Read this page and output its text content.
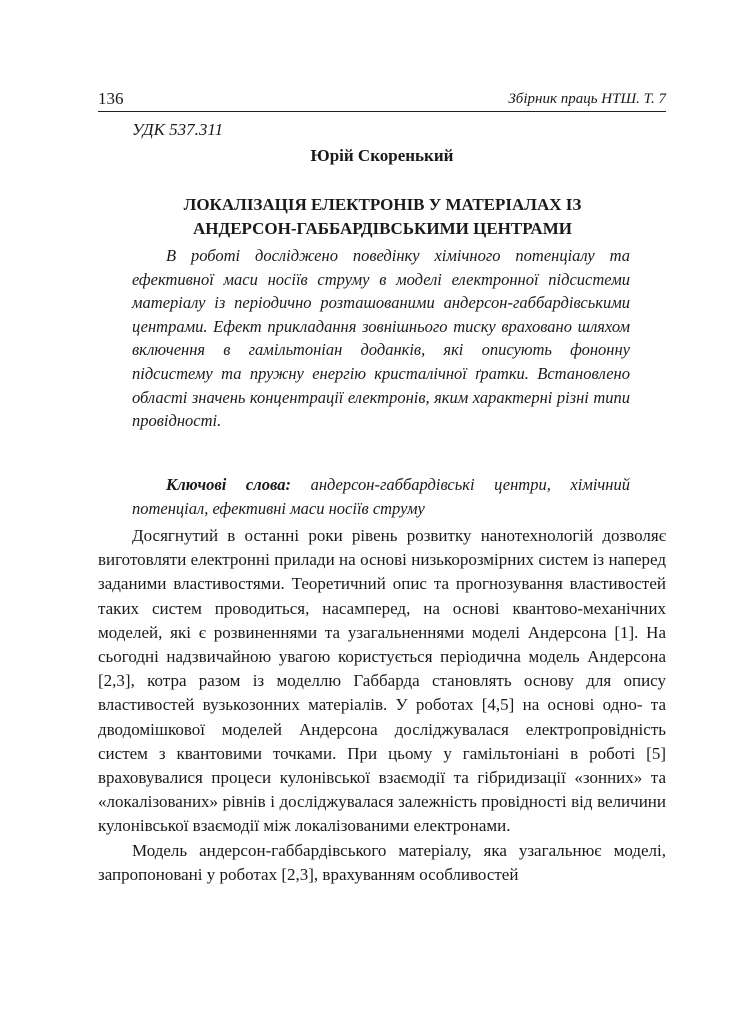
136	Збірник праць НТШ. Т. 7
УДК 537.311
Юрій Скоренький
ЛОКАЛІЗАЦІЯ ЕЛЕКТРОНІВ У МАТЕРІАЛАХ ІЗ
АНДЕРСОН-ГАББАРДІВСЬКИМИ ЦЕНТРАМИ

В роботі досліджено поведінку хімічного потенціалу та ефективної маси носіїв струму в моделі електронної підсистеми матеріалу із періодично розташованими андерсон-габбардівськими центрами. Ефект прикладання зовнішнього тиску враховано шляхом включення в гамільтоніан доданків, які описують фононну підсистему та пружну енергію кристалічної ґратки. Встановлено області значень концентрації електронів, яким характерні різні типи провідності.

Ключові слова: андерсон-габбардівські центри, хімічний потенціал, ефективні маси носіїв струму

Досягнутий в останні роки рівень розвитку нанотехнологій дозволяє виготовляти електронні прилади на основі низькорозмірних систем із наперед заданими властивостями. Теоретичний опис та прогнозування властивостей таких систем проводиться, насамперед, на основі квантово-механічних моделей, які є розвиненнями та узагальненнями моделі Андерсона [1]. На сьогодні надзвичайною увагою користується періодична модель Андерсона [2,3], котра разом із моделлю Габбарда становлять основу для опису властивостей вузькозонних матеріалів. У роботах [4,5] на основі одно- та дводомішкової моделей Андерсона досліджувалася електропровідність систем з квантовими точками. При цьому у гамільтоніані в роботі [5] враховувалися процеси кулонівської взаємодії та гібридизації «зонних» та «локалізованих» рівнів і досліджувалася залежність провідності від величини кулонівської взаємодії між локалізованими електронами.

Модель андерсон-габбардівського матеріалу, яка узагальнює моделі, запропоновані у роботах [2,3], врахуванням особливостей
